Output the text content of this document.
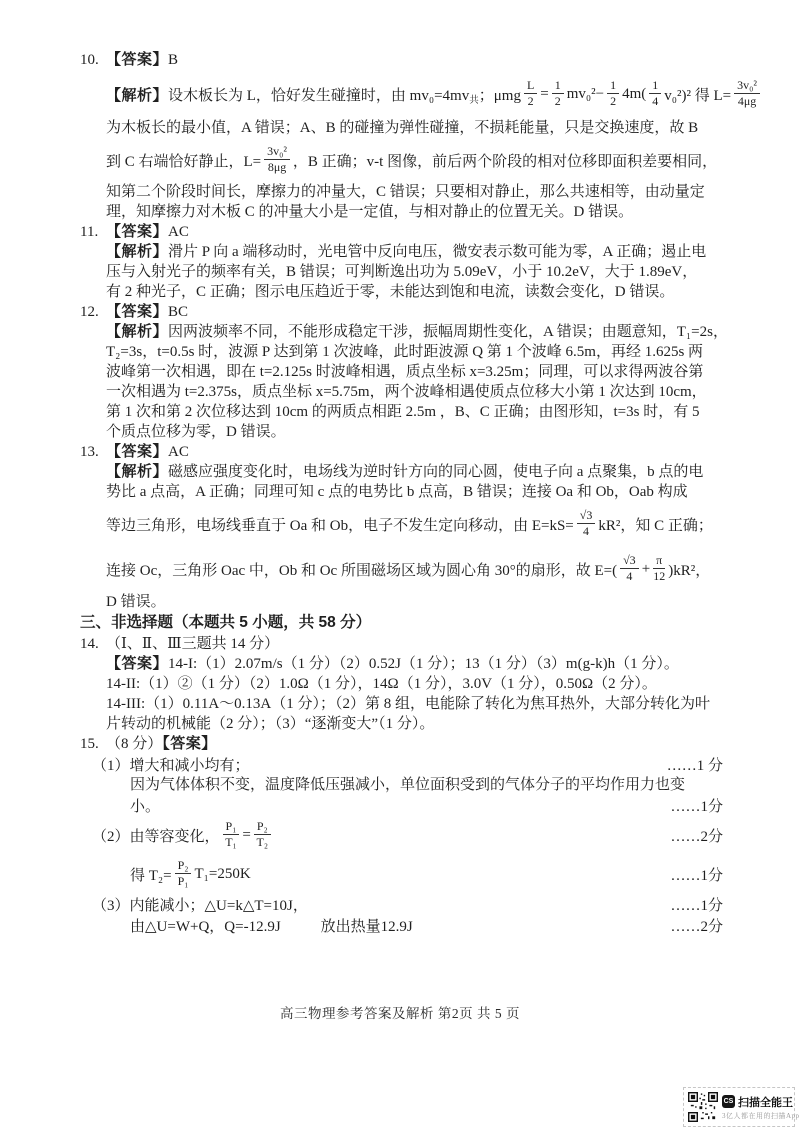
10. 【答案】B
【解析】 设木板长为 L，恰好发生碰撞时，由 mv₀=4mv 共 ；μmg $\frac{L}{2} = \frac{1}{2} mv_0^2- \frac{1}{2} 4m( \frac{1}{4} v_0^2)^2$ 得 $L= \frac{\text{3v₀²}}{4\mu g}$
为木板长的最小值，A 错误；A、B 的碰撞为弹性碰撞，不损耗能量，只是交换速度，故 B
到 C 右端恰好静止，$L= \frac{\text{3v₀²}}{8\mu g}$ ，B 正确；v-t 图像，前后两个阶段的相对位移即面积差要相同，
知第二个阶段时间长，摩擦力的冲量大，C 错误；只要相对静止，那么共速相等，由动量定
理，知摩擦力对木板 C 的冲量大小是一定值，与相对静止的位置无关。D 错误。
11. 【答案】AC
【解析】滑片 P 向 a 端移动时，光电管中反向电压，微安表示数可能为零，A 正确；遏止电
压与入射光子的频率有关，B 错误；可判断逸出功为 5.09eV，小于 10.2eV，大于 1.89eV，
有 2 种光子，C 正确；图示电压趋近于零，未能达到饱和电流，读数会变化，D 错误。
12. 【答案】BC
【解析】因两波频率不同，不能形成稳定干涉，振幅周期性变化，A 错误；由题意知，T₁=2s，
T₂=3s，t=0.5s 时，波源 P 达到第 1 次波峰，此时距波源 Q 第 1 个波峰 6.5m，再经 1.625s 两
波峰第一次相遇，即在 t=2.125s 时波峰相遇，质点坐标 x=3.25m；同理，可以求得两波谷第
一次相遇为 t=2.375s，质点坐标 x=5.75m，两个波峰相遇使质点位移大小第 1 次达到 10cm，
第 1 次和第 2 次位移达到 10cm 的两质点相距 2.5m ，B、C 正确；由图形知，t=3s 时，有 5
个质点位移为零，D 错误。
13. 【答案】AC
【解析】磁感应强度变化时，电场线为逆时针方向的同心圆，使电子向 a 点聚集，b 点的电
势比 a 点高，A 正确；同理可知 c 点的电势比 b 点高，B 错误；连接 Oa 和 Ob，Oab 构成
等边三角形，电场线垂直于 Oa 和 Ob，电子不发生定向移动，由 $E=kS= \frac{√3}{4} kR^2$，知 C 正确；
连接 Oc，三角形 Oac 中，Ob 和 Oc 所围磁场区域为圆心角 30°的扇形，故 $E=( \frac{√3}{4} + \frac{\pi}{12} )kR^2$，
D 错误。
三、非选择题（本题共 5 小题，共 58 分）
14. （Ⅰ、Ⅱ、Ⅲ三题共 14 分）
【答案】14-I:（1）2.07m/s（1 分）（2）0.52J（1 分）；13（1 分）（3）m(g-k)h（1 分）。
14-II:（1）②（1 分）（2）1.0Ω（1 分），14Ω（1 分），3.0V（1 分），0.50Ω（2 分）。
14-III:（1）0.11A～0.13A（1 分）；（2）第 8 组，电能除了转化为焦耳热外，大部分转化为叶
片转动的机械能（2 分）；（3）“逐渐变大”（1 分）。
15. （8 分）【答案】
（1）增大和减小均有；	……1 分
因为气体体积不变，温度降低压强减小，单位面积受到的气体分子的平均作用力也变
小。	……1分
（2）由等容变化， $\frac{\text{P₁}}{\text{T₁}} = \frac{\text{P₂}}{\text{T₂}}$	……2分
得 $T_2= \frac{\text{P₂}}{\text{P₁}} T_1=250K$	……1分
（3）内能减小；△U=k△T=10J，	……1分
由△U=W+Q，Q=-12.9J	放出热量12.9J	……2分
高三物理参考答案及解析 第2页 共 5 页
CS 扫描全能王
3亿人都在用的扫描App
